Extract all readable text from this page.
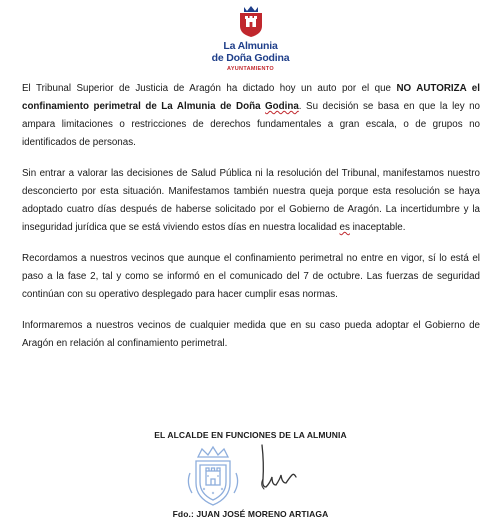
La Almunia
de Doña Godina
AYUNTAMIENTO

El Tribunal Superior de Justicia de Aragón ha dictado hoy un auto por el que NO AUTORIZA el confinamiento perimetral de La Almunia de Doña Godina. Su decisión se basa en que la ley no ampara limitaciones o restricciones de derechos fundamentales a gran escala, o de grupos no identificados de personas.

Sin entrar a valorar las decisiones de Salud Pública ni la resolución del Tribunal, manifestamos nuestro desconcierto por esta situación. Manifestamos también nuestra queja porque esta resolución se haya adoptado cuatro días después de haberse solicitado por el Gobierno de Aragón. La incertidumbre y la inseguridad jurídica que se está viviendo estos días en nuestra localidad es inaceptable.

Recordamos a nuestros vecinos que aunque el confinamiento perimetral no entre en vigor, sí lo está el paso a la fase 2, tal y como se informó en el comunicado del 7 de octubre. Las fuerzas de seguridad continúan con su operativo desplegado para hacer cumplir esas normas.

Informaremos a nuestros vecinos de cualquier medida que en su caso pueda adoptar el Gobierno de Aragón en relación al confinamiento perimetral.

EL ALCALDE EN FUNCIONES DE LA ALMUNIA
Fdo.: JUAN JOSÉ MORENO ARTIAGA
